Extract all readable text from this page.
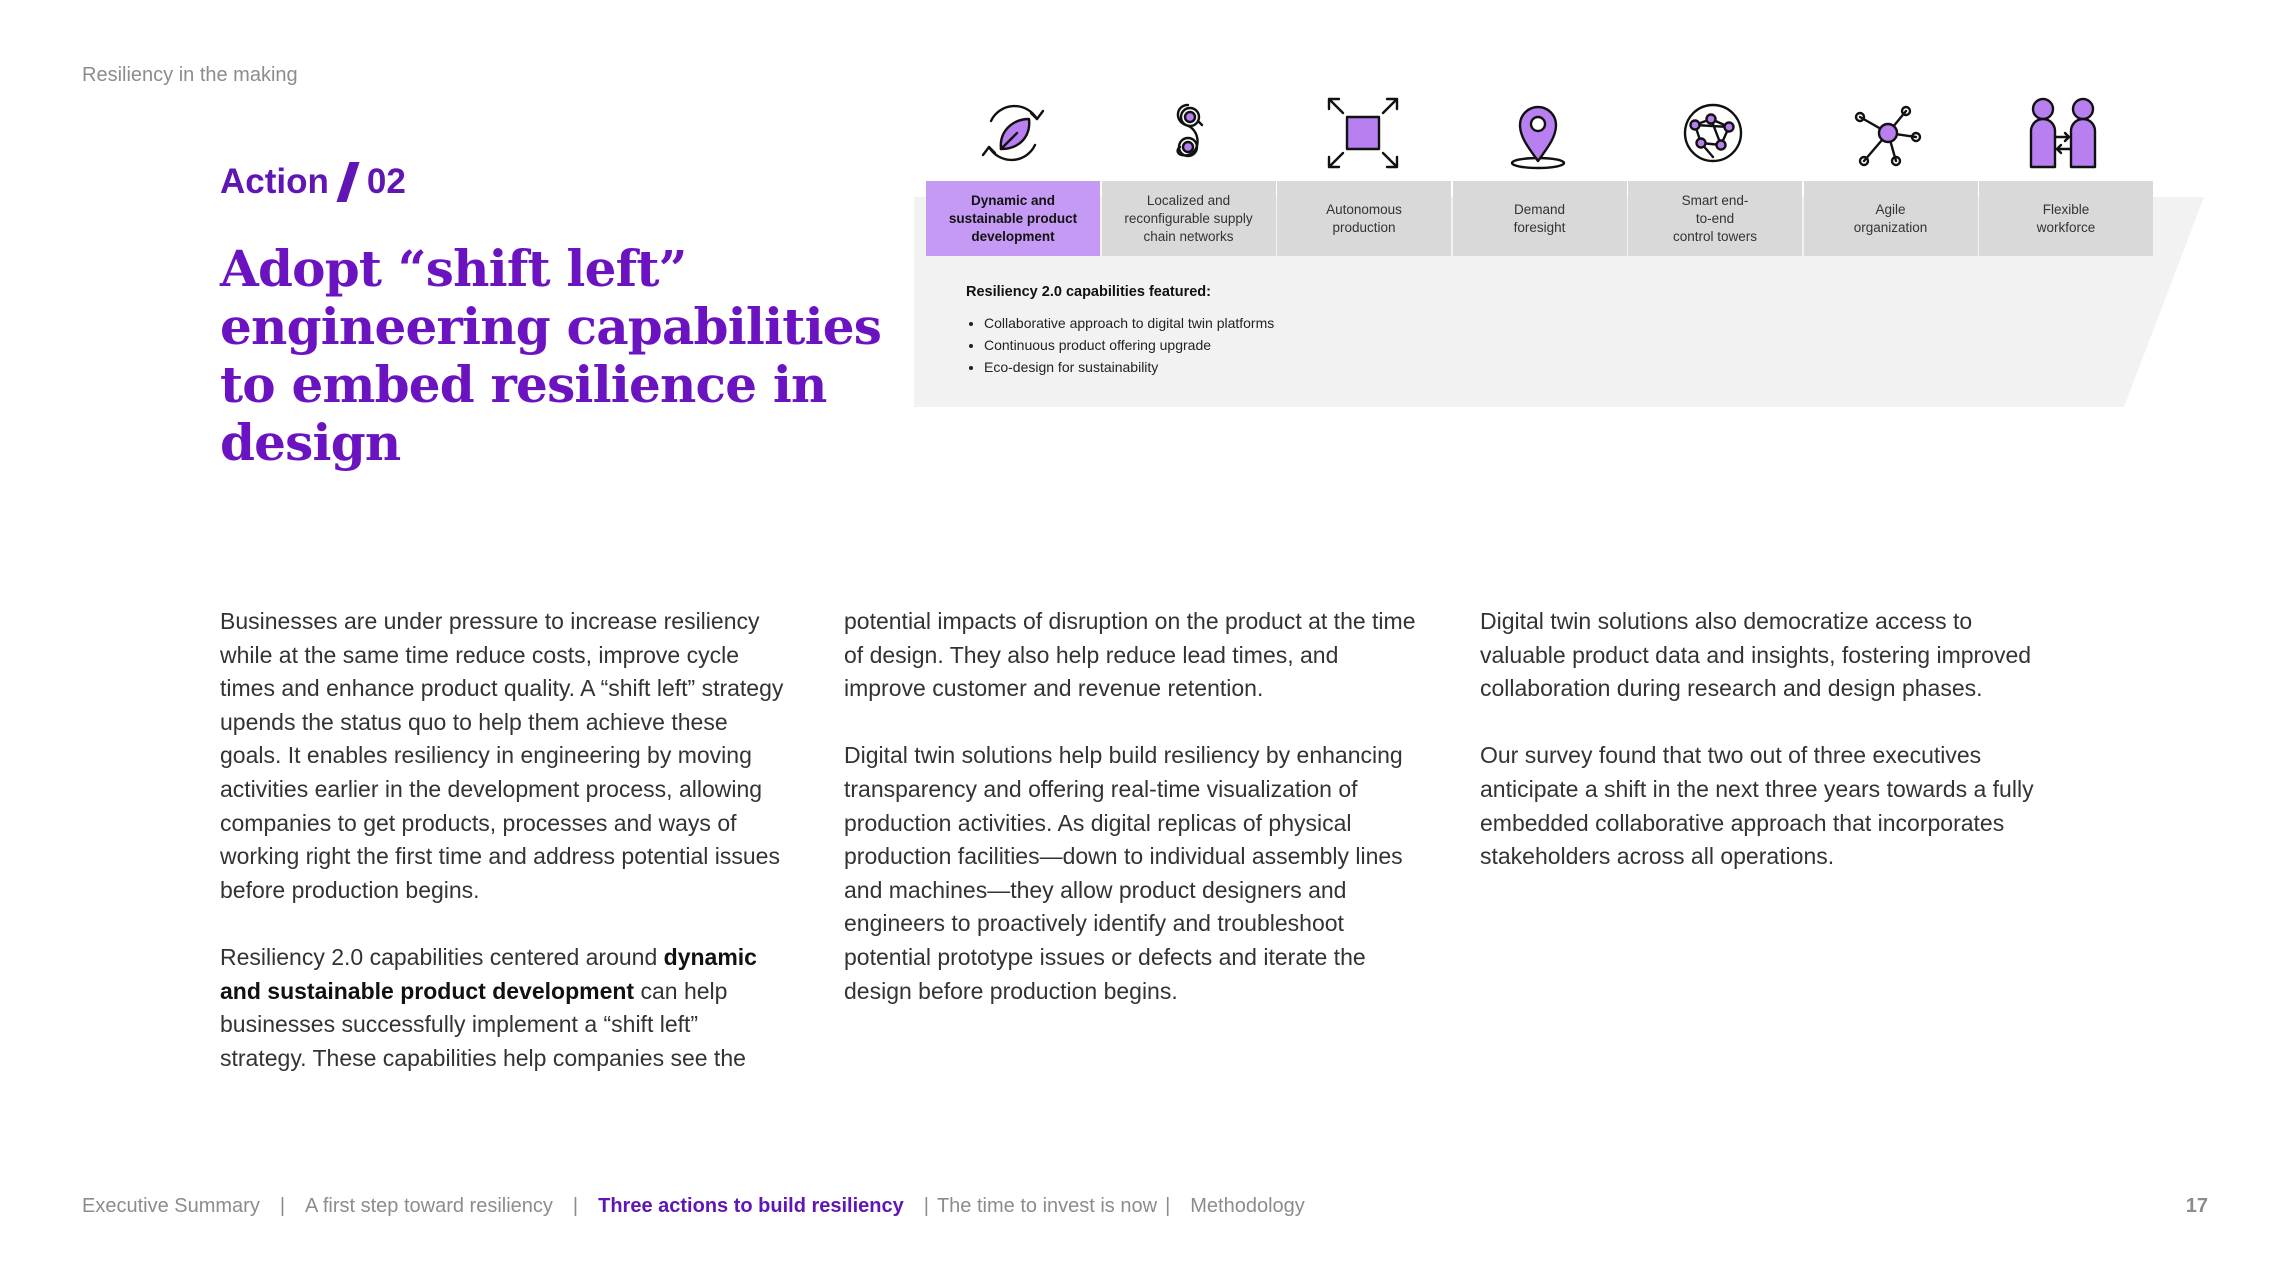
Resiliency in the making
Action 02
Adopt “shift left” engineering capabilities to embed resilience in design
Dynamic and
sustainable product
development
Localized and
reconfigurable supply
chain networks
Autonomous
production
Demand
foresight
Smart end-
to-end
control towers
Agile
organization
Flexible
workforce
Resiliency 2.0 capabilities featured:
Collaborative approach to digital twin platforms
Continuous product offering upgrade
Eco-design for sustainability

Businesses are under pressure to increase resiliency while at the same time reduce costs, improve cycle times and enhance product quality. A “shift left” strategy upends the status quo to help them achieve these goals. It enables resiliency in engineering by moving activities earlier in the development process, allowing companies to get products, processes and ways of working right the first time and address potential issues before production begins.

Resiliency 2.0 capabilities centered around dynamic and sustainable product development can help businesses successfully implement a “shift left” strategy. These capabilities help companies see the

potential impacts of disruption on the product at the time of design. They also help reduce lead times, and improve customer and revenue retention.

Digital twin solutions help build resiliency by enhancing transparency and offering real-time visualization of production activities. As digital replicas of physical production facilities—down to individual assembly lines and machines—they allow product designers and engineers to proactively identify and troubleshoot potential prototype issues or defects and iterate the design before production begins.

Digital twin solutions also democratize access to valuable product data and insights, fostering improved collaboration during research and design phases.

Our survey found that two out of three executives anticipate a shift in the next three years towards a fully embedded collaborative approach that incorporates stakeholders across all operations.

Executive Summary | A first step toward resiliency | Three actions to build resiliency | The time to invest is now | Methodology	17
